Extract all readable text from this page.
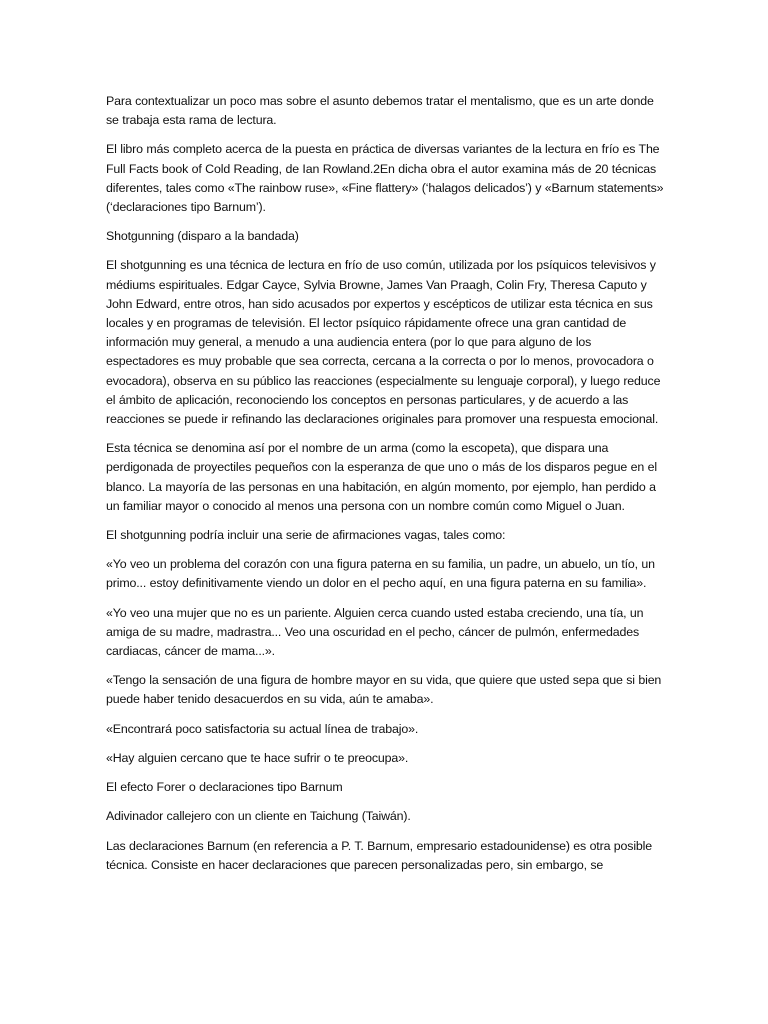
Para contextualizar un poco mas sobre el asunto debemos tratar el mentalismo, que es un arte donde se trabaja esta rama de lectura.

El libro más completo acerca de la puesta en práctica de diversas variantes de la lectura en frío es The Full Facts book of Cold Reading, de Ian Rowland.2En dicha obra el autor examina más de 20 técnicas diferentes, tales como «The rainbow ruse», «Fine flattery» (‘halagos delicados’) y «Barnum statements» (‘declaraciones tipo Barnum’).

Shotgunning (disparo a la bandada)

El shotgunning es una técnica de lectura en frío de uso común, utilizada por los psíquicos televisivos y médiums espirituales. Edgar Cayce, Sylvia Browne, James Van Praagh, Colin Fry, Theresa Caputo y John Edward, entre otros, han sido acusados por expertos y escépticos de utilizar esta técnica en sus locales y en programas de televisión. El lector psíquico rápidamente ofrece una gran cantidad de información muy general, a menudo a una audiencia entera (por lo que para alguno de los espectadores es muy probable que sea correcta, cercana a la correcta o por lo menos, provocadora o evocadora), observa en su público las reacciones (especialmente su lenguaje corporal), y luego reduce el ámbito de aplicación, reconociendo los conceptos en personas particulares, y de acuerdo a las reacciones se puede ir refinando las declaraciones originales para promover una respuesta emocional.

Esta técnica se denomina así por el nombre de un arma (como la escopeta), que dispara una perdigonada de proyectiles pequeños con la esperanza de que uno o más de los disparos pegue en el blanco. La mayoría de las personas en una habitación, en algún momento, por ejemplo, han perdido a un familiar mayor o conocido al menos una persona con un nombre común como Miguel o Juan.

El shotgunning podría incluir una serie de afirmaciones vagas, tales como:

«Yo veo un problema del corazón con una figura paterna en su familia, un padre, un abuelo, un tío, un primo... estoy definitivamente viendo un dolor en el pecho aquí, en una figura paterna en su familia».

«Yo veo una mujer que no es un pariente. Alguien cerca cuando usted estaba creciendo, una tía, un amiga de su madre, madrastra... Veo una oscuridad en el pecho, cáncer de pulmón, enfermedades cardiacas, cáncer de mama...».

«Tengo la sensación de una figura de hombre mayor en su vida, que quiere que usted sepa que si bien puede haber tenido desacuerdos en su vida, aún te amaba».

«Encontrará poco satisfactoria su actual línea de trabajo».

«Hay alguien cercano que te hace sufrir o te preocupa».

El efecto Forer o declaraciones tipo Barnum

Adivinador callejero con un cliente en Taichung (Taiwán).

Las declaraciones Barnum (en referencia a P. T. Barnum, empresario estadounidense) es otra posible técnica. Consiste en hacer declaraciones que parecen personalizadas pero, sin embargo, se
